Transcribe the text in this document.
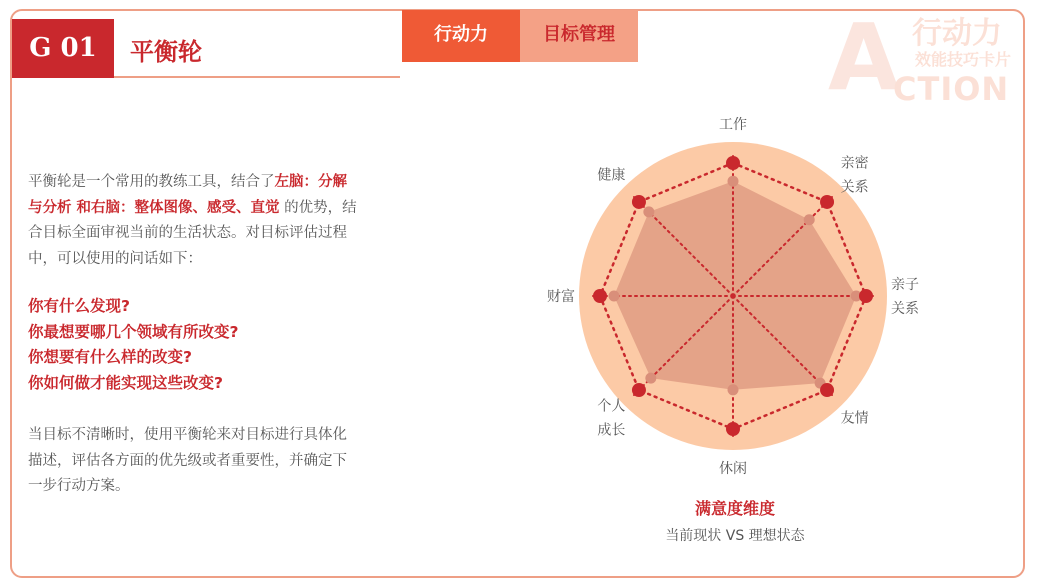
G 01	平衡轮
行动力	目标管理 A 行动力
效能技巧卡片
CTION
平衡轮是一个常用的教练工具，结合了左脑：分解与分析 和右脑：整体图像、感受、直觉 的优势，结合目标全面审视当前的生活状态。对目标评估过程中，可以使用的问话如下：
你有什么发现?
你最想要哪几个领域有所改变?
你想要有什么样的改变?
你如何做才能实现这些改变?
当目标不清晰时，使用平衡轮来对目标进行具体化描述，评估各方面的优先级或者重要性，并确定下一步行动方案。
工作
亲密
关系
亲子
关系
友情
休闲
个人
成长
财富
健康
满意度维度
当前现状 VS 理想状态
